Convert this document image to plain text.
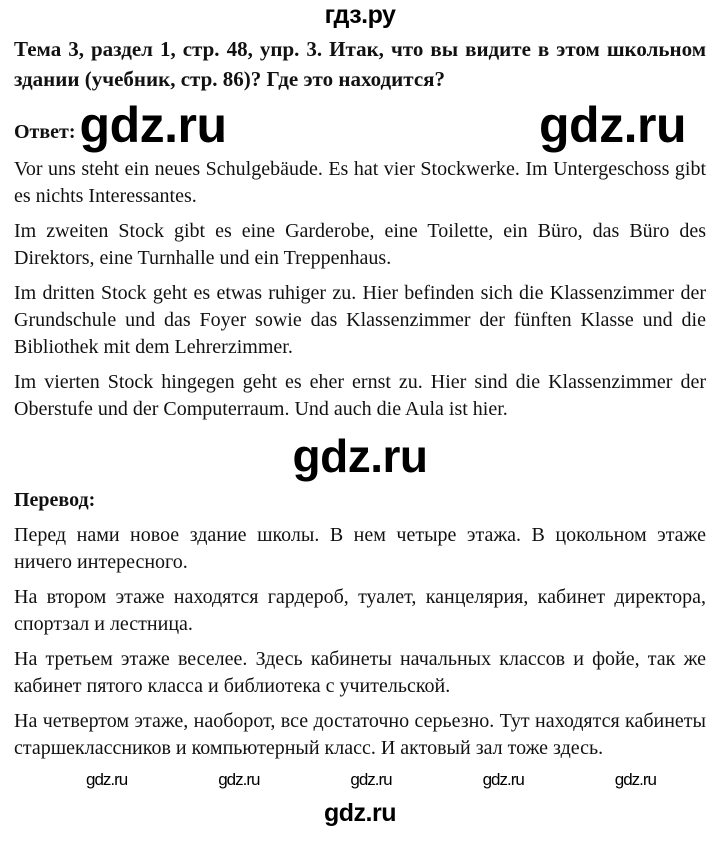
гдз.ру
Тема 3, раздел 1, стр. 48, упр. 3. Итак, что вы видите в этом школьном здании (учебник, стр. 86)? Где это находится?
Ответ: gdz.ru	gdz.ru
Vor uns steht ein neues Schulgebäude. Es hat vier Stockwerke. Im Untergeschoss gibt es nichts Interessantes.
Im zweiten Stock gibt es eine Garderobe, eine Toilette, ein Büro, das Büro des Direktors, eine Turnhalle und ein Treppenhaus.
Im dritten Stock geht es etwas ruhiger zu. Hier befinden sich die Klassenzimmer der Grundschule und das Foyer sowie das Klassenzimmer der fünften Klasse und die Bibliothek mit dem Lehrerzimmer.
Im vierten Stock hingegen geht es eher ernst zu. Hier sind die Klassenzimmer der Oberstufe und der Computerraum. Und auch die Aula ist hier.
gdz.ru
Перевод:
Перед нами новое здание школы. В нем четыре этажа. В цокольном этаже ничего интересного.
На втором этаже находятся гардероб, туалет, канцелярия, кабинет директора, спортзал и лестница.
На третьем этаже веселее. Здесь кабинеты начальных классов и фойе, так же кабинет пятого класса и библиотека с учительской.
На четвертом этаже, наоборот, все достаточно серьезно. Тут находятся кабинеты старшеклассников и компьютерный класс. И актовый зал тоже здесь.
gdz.ru	gdz.ru	gdz.ru	gdz.ru	gdz.ru
gdz.ru
